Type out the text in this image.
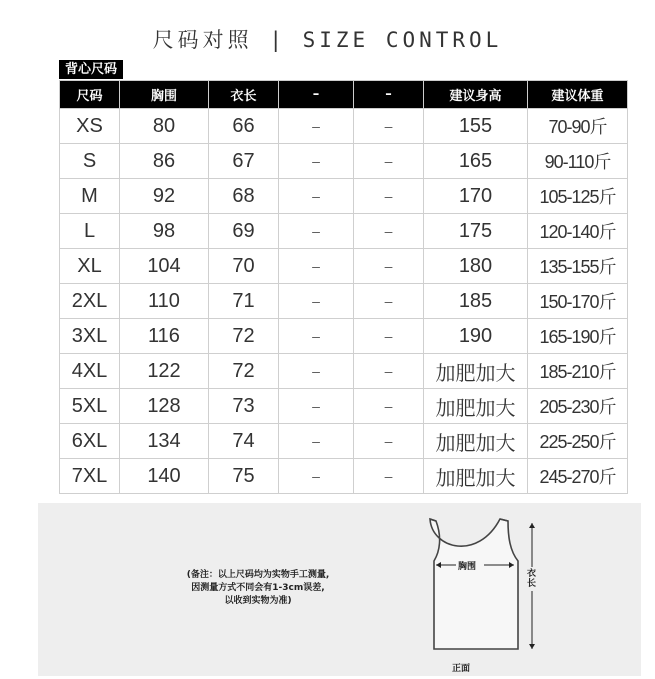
尺码对照 | SIZE CONTROL
背心尺码
尺码	胸围	衣长	–	–	建议身高	建议体重
XS	80	66	–	–	155	70-90斤
S	86	67	–	–	165	90-110斤
M	92	68	–	–	170	105-125斤
L	98	69	–	–	175	120-140斤
XL	104	70	–	–	180	135-155斤
2XL	110	71	–	–	185	150-170斤
3XL	116	72	–	–	190	165-190斤
4XL	122	72	–	–	加肥加大	185-210斤
5XL	128	73	–	–	加肥加大	205-230斤
6XL	134	74	–	–	加肥加大	225-250斤
7XL	140	75	–	–	加肥加大	245-270斤
(备注：以上尺码均为实物手工测量,
因测量方式不同会有1-3cm误差,
以收到实物为准)
胸围
衣长
正面
